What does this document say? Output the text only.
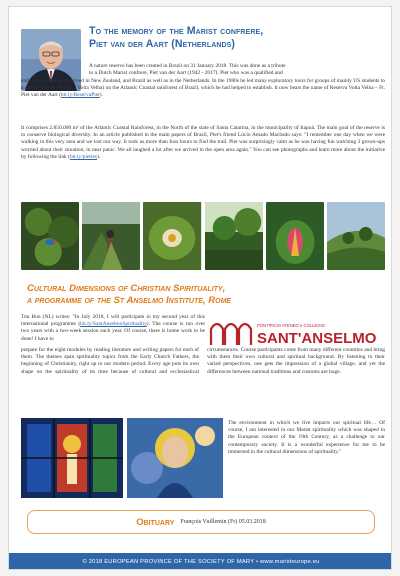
To the memory of the Marist confrere,
Piet van der Aart (Netherlands)

A nature reserve has been created in Brazil on 31 January 2018. This was done as a tribute
to a Dutch Marist confrere, Piet van der Aart (1942 - 2017). Piet who was a qualified and

enthusiastic biologist, served in New Zealand, and Brazil as well as in the Netherlands. In the 1980s he led many exploratory tours for groups of mainly US students to a nature reserve (Reserva Volta Velha) on the Atlantic Coastal rainforest of Brazil, which he had helped to establish. It now bears the name of Reserva Volta Velha – Fr. Piet van der Aart (bit.ly/ReservaPiet).

It comprises 2.850.000 m² of the Atlantic Coastal Rainforest, in the North of the state of Santa Catarina, in the municipality of Itapoá. The main goal of the reserve is to conserve biological diversity. In an article published in the main papers of Brazil, Piet's friend Lúcio Amado Machado says: "I remember one day when we were walking in this very area and we lost our way. It took us more than four hours to find the trail. Piet was surprisingly calm as he was having fun watching 3 grown-ups worried about their situation, in near panic. We all laughed a lot after we arrived in the open area again." You can see photographs and learn more about the initiative by following the link (bit.ly/pieties).

Cultural Dimensions of Christian Spirituality,
a programme of the St Anselmo Institute, Rome

Ton Bun (NL) writes: "In July 2018, I will participate in my second year of this international programme (bit.ly/SantAnselmoSpirituality). The course is run over two years with a two-week session each year. Of course, there is home work to be done! I have to

PONTIFICIO ATENEO e COLLEGIO
SANT'ANSELMO

prepare for the eight modules by reading literature and writing papers for each of them. The themes span spirituality topics from the Early Church Fathers, the beginning of Christianity, right up to our modern period. Every age puts its own shape on the spirituality of its time because of cultural and ecclesiastical circumstances. Course participants come from many different countries and bring with them their own cultural and spiritual background. By listening to their varied perspectives, one gets the impression of a global village, and yet the differences between national traditions and customs are huge.

The environment in which we live impacts our spiritual life… Of course, I am interested in our Marist spirituality which was shaped in the European context of the 19th Century, as a challenge to our contemporary society. It is a wonderful experience for me to be immersed in the cultural dimensions of spirituality."

Obituary François Vuillemin (Fr) 05.03.2018
© 2018 EUROPEAN PROVINCE OF THE SOCIETY OF MARY • www.maristeurope.eu
